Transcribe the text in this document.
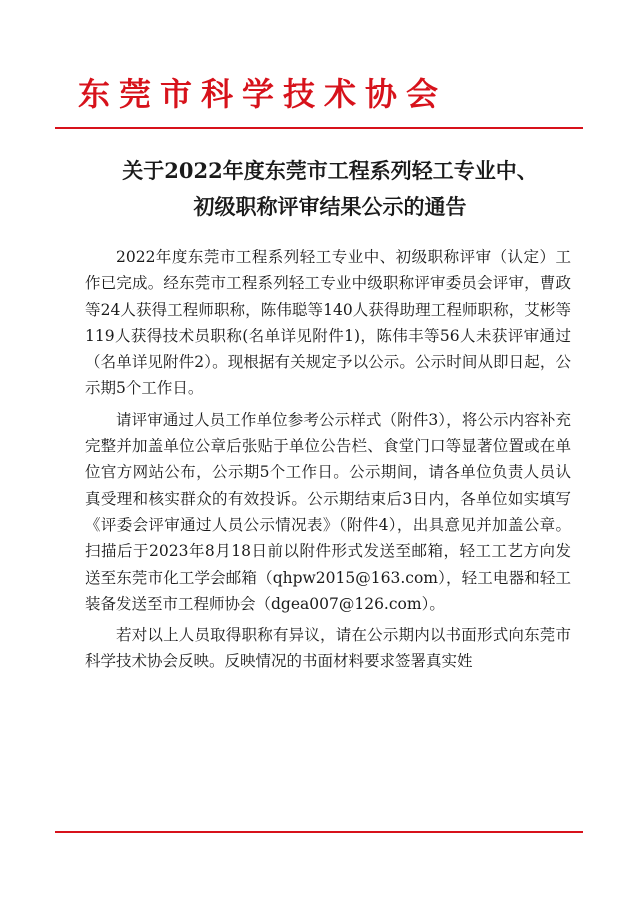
东莞市科学技术协会
关于2022年度东莞市工程系列轻工专业中、
初级职称评审结果公示的通告

2022年度东莞市工程系列轻工专业中、初级职称评审（认定）工作已完成。经东莞市工程系列轻工专业中级职称评审委员会评审，曹政等24人获得工程师职称，陈伟聪等140人获得助理工程师职称，艾彬等119人获得技术员职称(名单详见附件1)，陈伟丰等56人未获评审通过（名单详见附件2）。现根据有关规定予以公示。公示时间从即日起，公示期5个工作日。

请评审通过人员工作单位参考公示样式（附件3），将公示内容补充完整并加盖单位公章后张贴于单位公告栏、食堂门口等显著位置或在单位官方网站公布，公示期5个工作日。公示期间，请各单位负责人员认真受理和核实群众的有效投诉。公示期结束后3日内，各单位如实填写《评委会评审通过人员公示情况表》（附件4），出具意见并加盖公章。扫描后于2023年8月18日前以附件形式发送至邮箱，轻工工艺方向发送至东莞市化工学会邮箱（qhpw2015@163.com），轻工电器和轻工装备发送至市工程师协会（dgea007@126.com）。

若对以上人员取得职称有异议，请在公示期内以书面形式向东莞市科学技术协会反映。反映情况的书面材料要求签署真实姓
